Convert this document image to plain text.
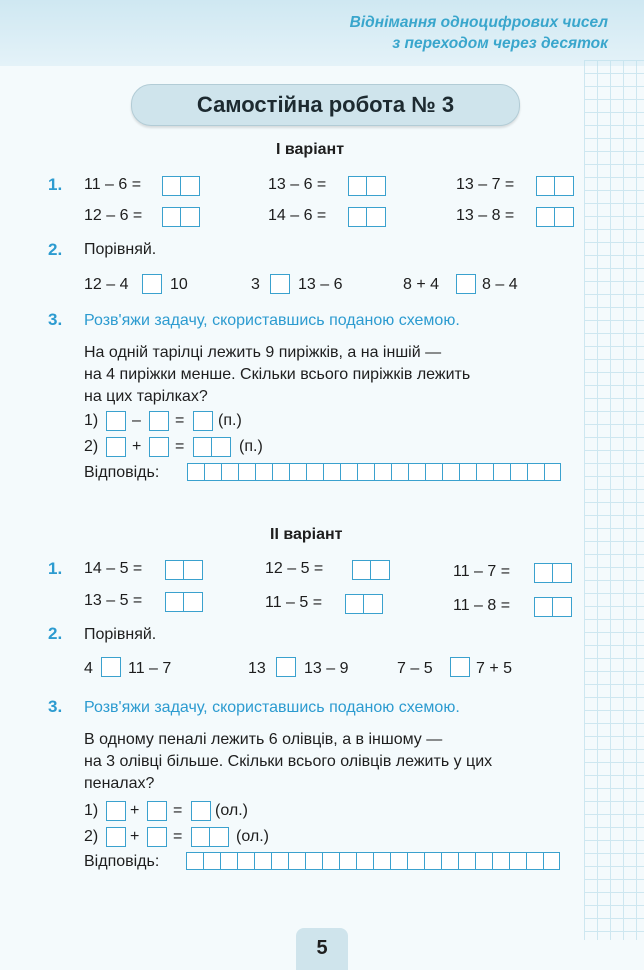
Віднімання одноцифрових чисел
з переходом через десяток
Самостійна робота № 3
І варіант
1. 11 – 6 =	13 – 6 =	13 – 7 =
12 – 6 =	14 – 6 =	13 – 8 =
2. Порівняй.
12 – 4	10	3 13 – 6	8 + 4	8 – 4
3. Розв'яжи задачу, скориставшись поданою схемою.
На одній тарілці лежить 9 пиріжків, а на іншій —
на 4 пиріжки менше. Скільки всього пиріжків лежить
на цих тарілках?
1) – = (п.)
2) + =	(п.)
Відповідь:
ІІ варіант
1. 14 – 5 =	12 – 5 =	11 – 7 =
13 – 5 =	11 – 5 =	11 – 8 =
2. Порівняй.
4 11 – 7	13 13 – 9	7 – 5	7 + 5
3. Розв'яжи задачу, скориставшись поданою схемою.
В одному пеналі лежить 6 олівців, а в іншому —
на 3 олівці більше. Скільки всього олівців лежить у цих
пеналах?
1) + = (ол.)
2) + =	(ол.)
Відповідь:
5
